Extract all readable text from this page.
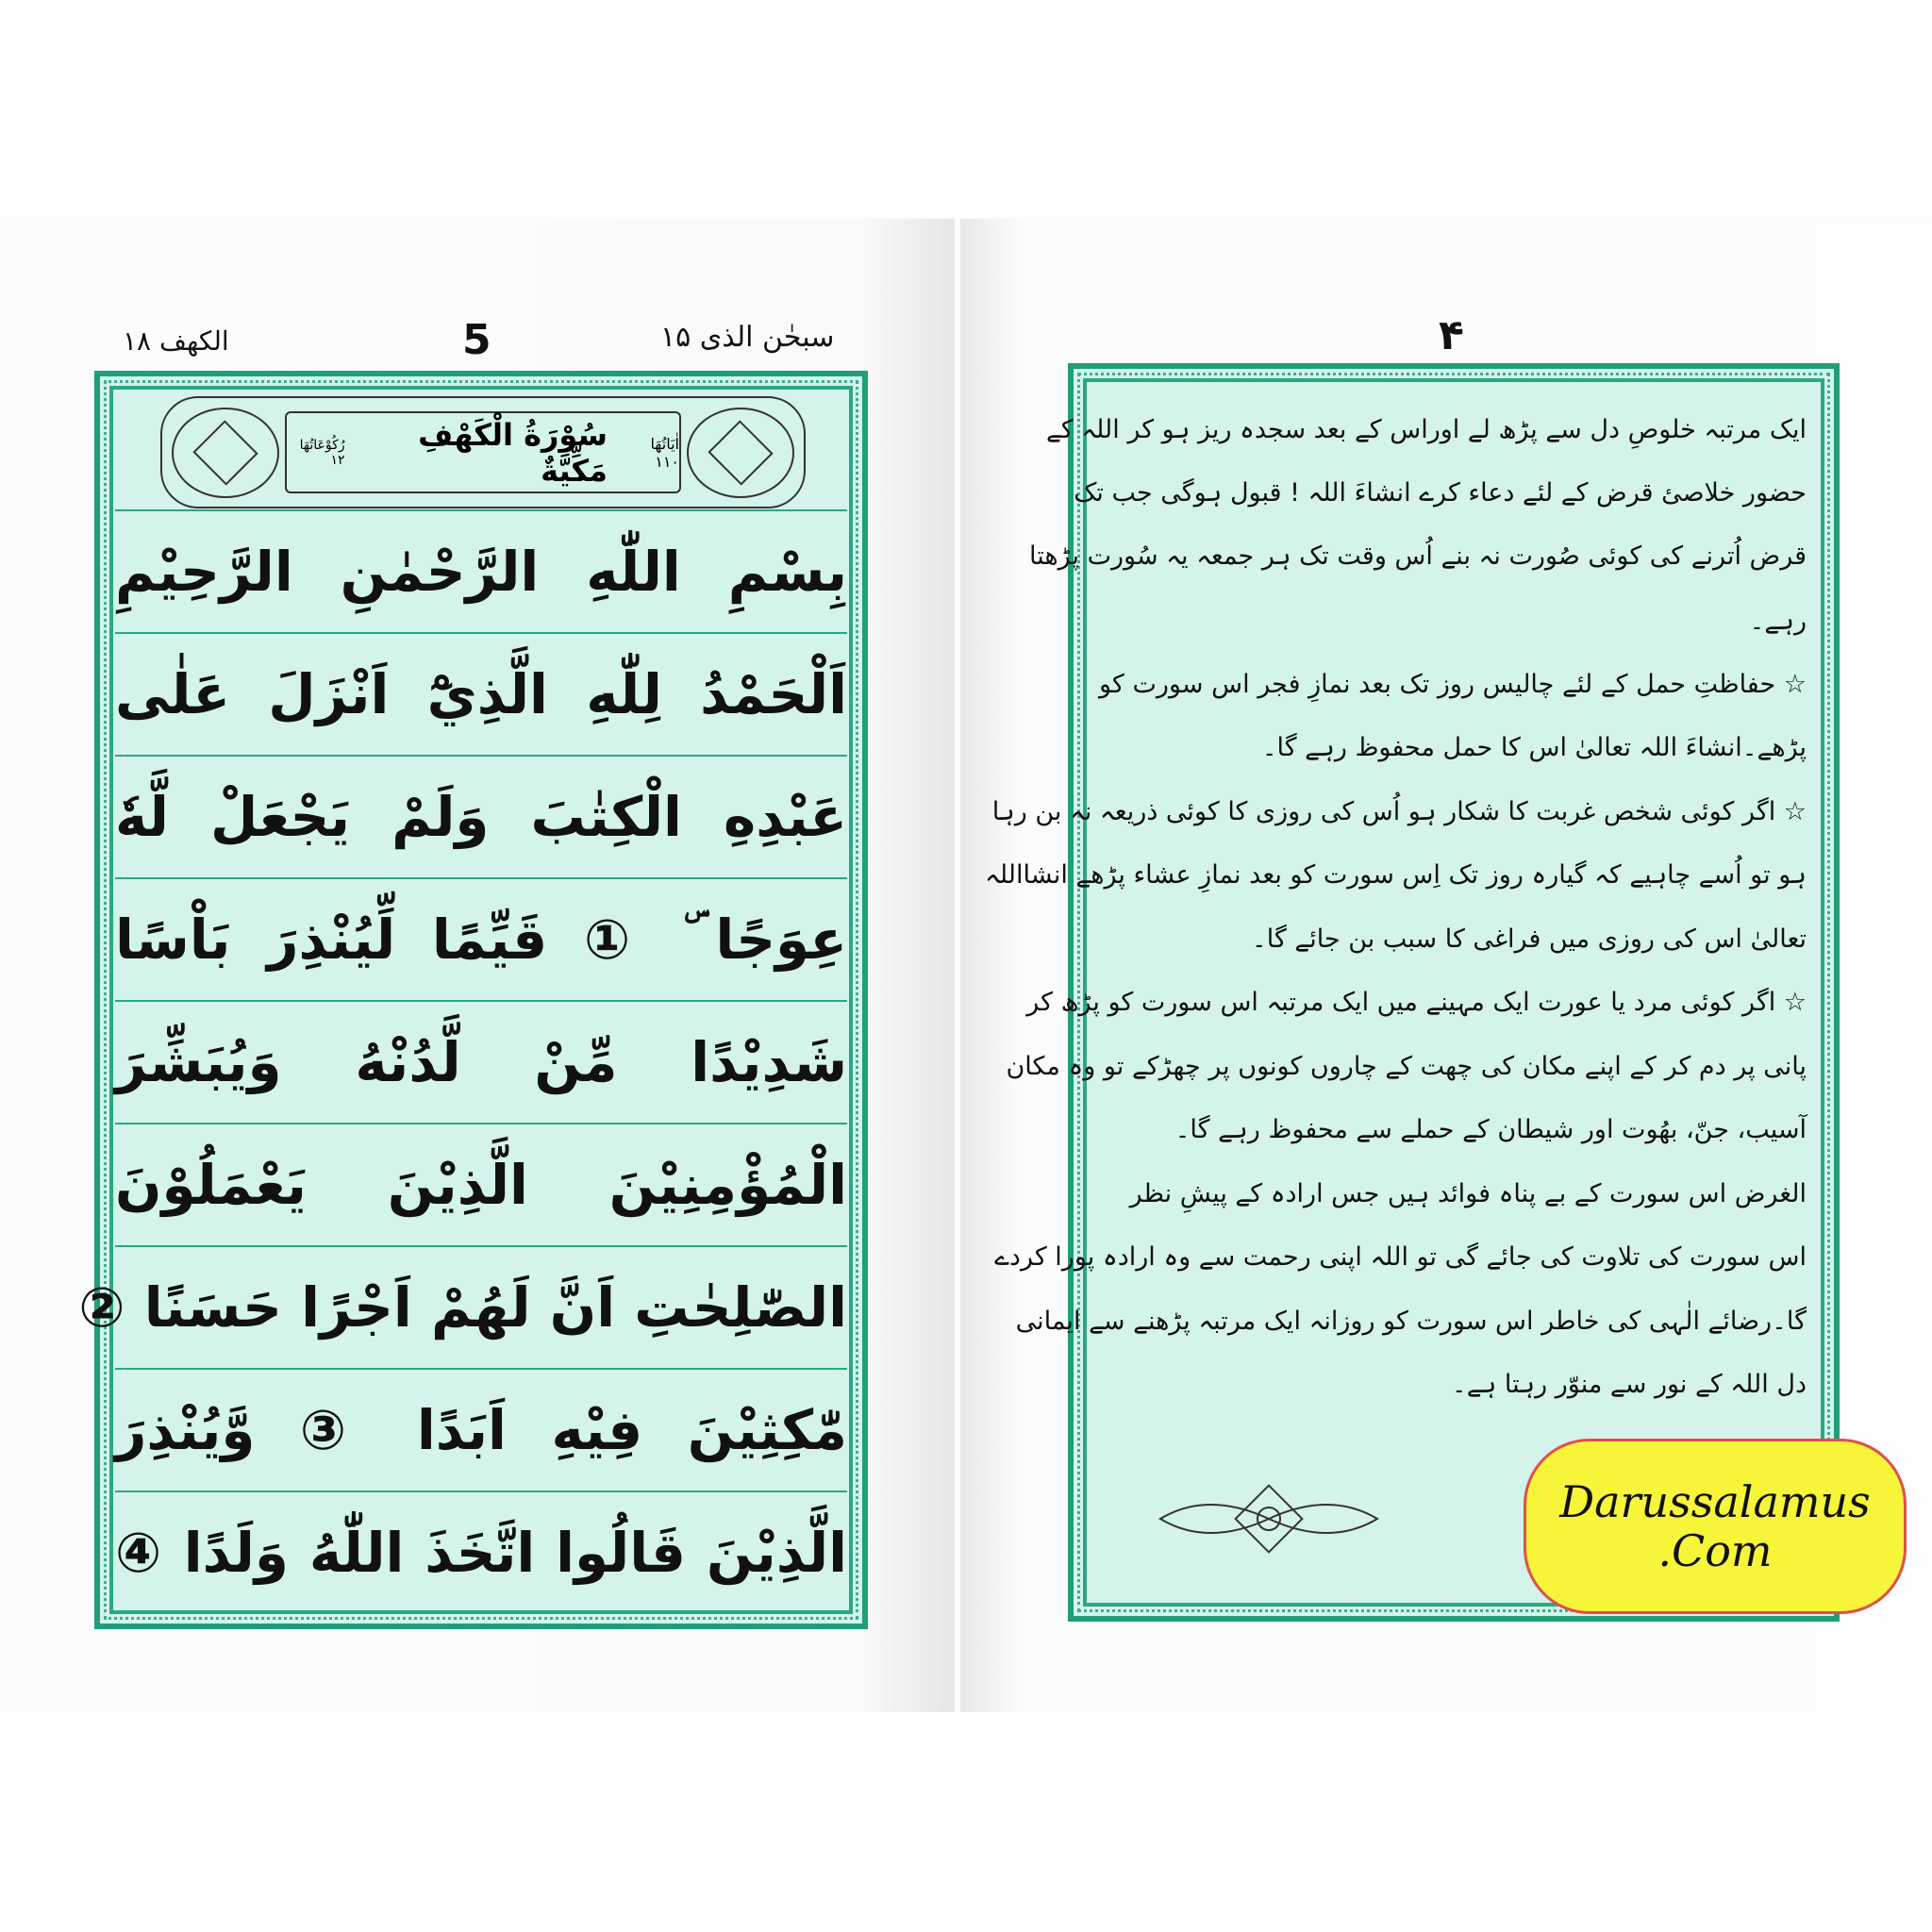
سبحٰن الذی ۱۵
5
الکهف ۱۸
اٰيَاتُهَا ۱۱۰
سُوْرَةُ الْكَهْفِ مَكِّيَّةٌ
رُكُوْعَاتُهَا ۱۲
بِسْمِ اللّٰهِ الرَّحْمٰنِ الرَّحِيْمِ
اَلْحَمْدُ لِلّٰهِ الَّذِيْٓ اَنْزَلَ عَلٰى
عَبْدِهِ الْكِتٰبَ وَلَمْ يَجْعَلْ لَّهٗ
عِوَجًا ۜ ① قَيِّمًا لِّيُنْذِرَ بَاْسًا
شَدِيْدًا مِّنْ لَّدُنْهُ وَيُبَشِّرَ
الْمُؤْمِنِيْنَ الَّذِيْنَ يَعْمَلُوْنَ
الصّٰلِحٰتِ اَنَّ لَهُمْ اَجْرًا حَسَنًا ②
مّٰكِثِيْنَ فِيْهِ اَبَدًا ③ وَّيُنْذِرَ
الَّذِيْنَ قَالُوا اتَّخَذَ اللّٰهُ وَلَدًا ④
۴
ایک مرتبہ خلوصِ دل سے پڑھ لے اوراس کے بعد سجدہ ریز ہو کر اللہ کے
حضور خلاصئ قرض کے لئے دعاء کرے انشاءَ اللہ ! قبول ہوگی جب تک
قرض اُترنے کی کوئی صُورت نہ بنے اُس وقت تک ہر جمعہ یہ سُورت پڑھتا
رہے۔
☆ حفاظتِ حمل کے لئے چالیس روز تک بعد نمازِ فجر اس سورت کو
پڑھے۔انشاءَ اللہ تعالیٰ اس کا حمل محفوظ رہے گا۔
☆ اگر کوئی شخص غربت کا شکار ہو اُس کی روزی کا کوئی ذریعہ نہ بن رہا
ہو تو اُسے چاہیے کہ گیارہ روز تک اِس سورت کو بعد نمازِ عشاء پڑھے انشااللہ
تعالیٰ اس کی روزی میں فراغی کا سبب بن جائے گا۔
☆ اگر کوئی مرد یا عورت ایک مہینے میں ایک مرتبہ اس سورت کو پڑھ کر
پانی پر دم کر کے اپنے مکان کی چھت کے چاروں کونوں پر چھڑکے تو وہ مکان
آسیب، جنّ، بھُوت اور شیطان کے حملے سے محفوظ رہے گا۔
الغرض اس سورت کے بے پناہ فوائد ہیں جس ارادہ کے پیشِ نظر
اس سورت کی تلاوت کی جائے گی تو اللہ اپنی رحمت سے وہ ارادہ پورا کردے
گا۔رضائے الٰہی کی خاطر اس سورت کو روزانہ ایک مرتبہ پڑھنے سے ایمانی
دل اللہ کے نور سے منوّر رہتا ہے۔
Darussalamus
.Com
